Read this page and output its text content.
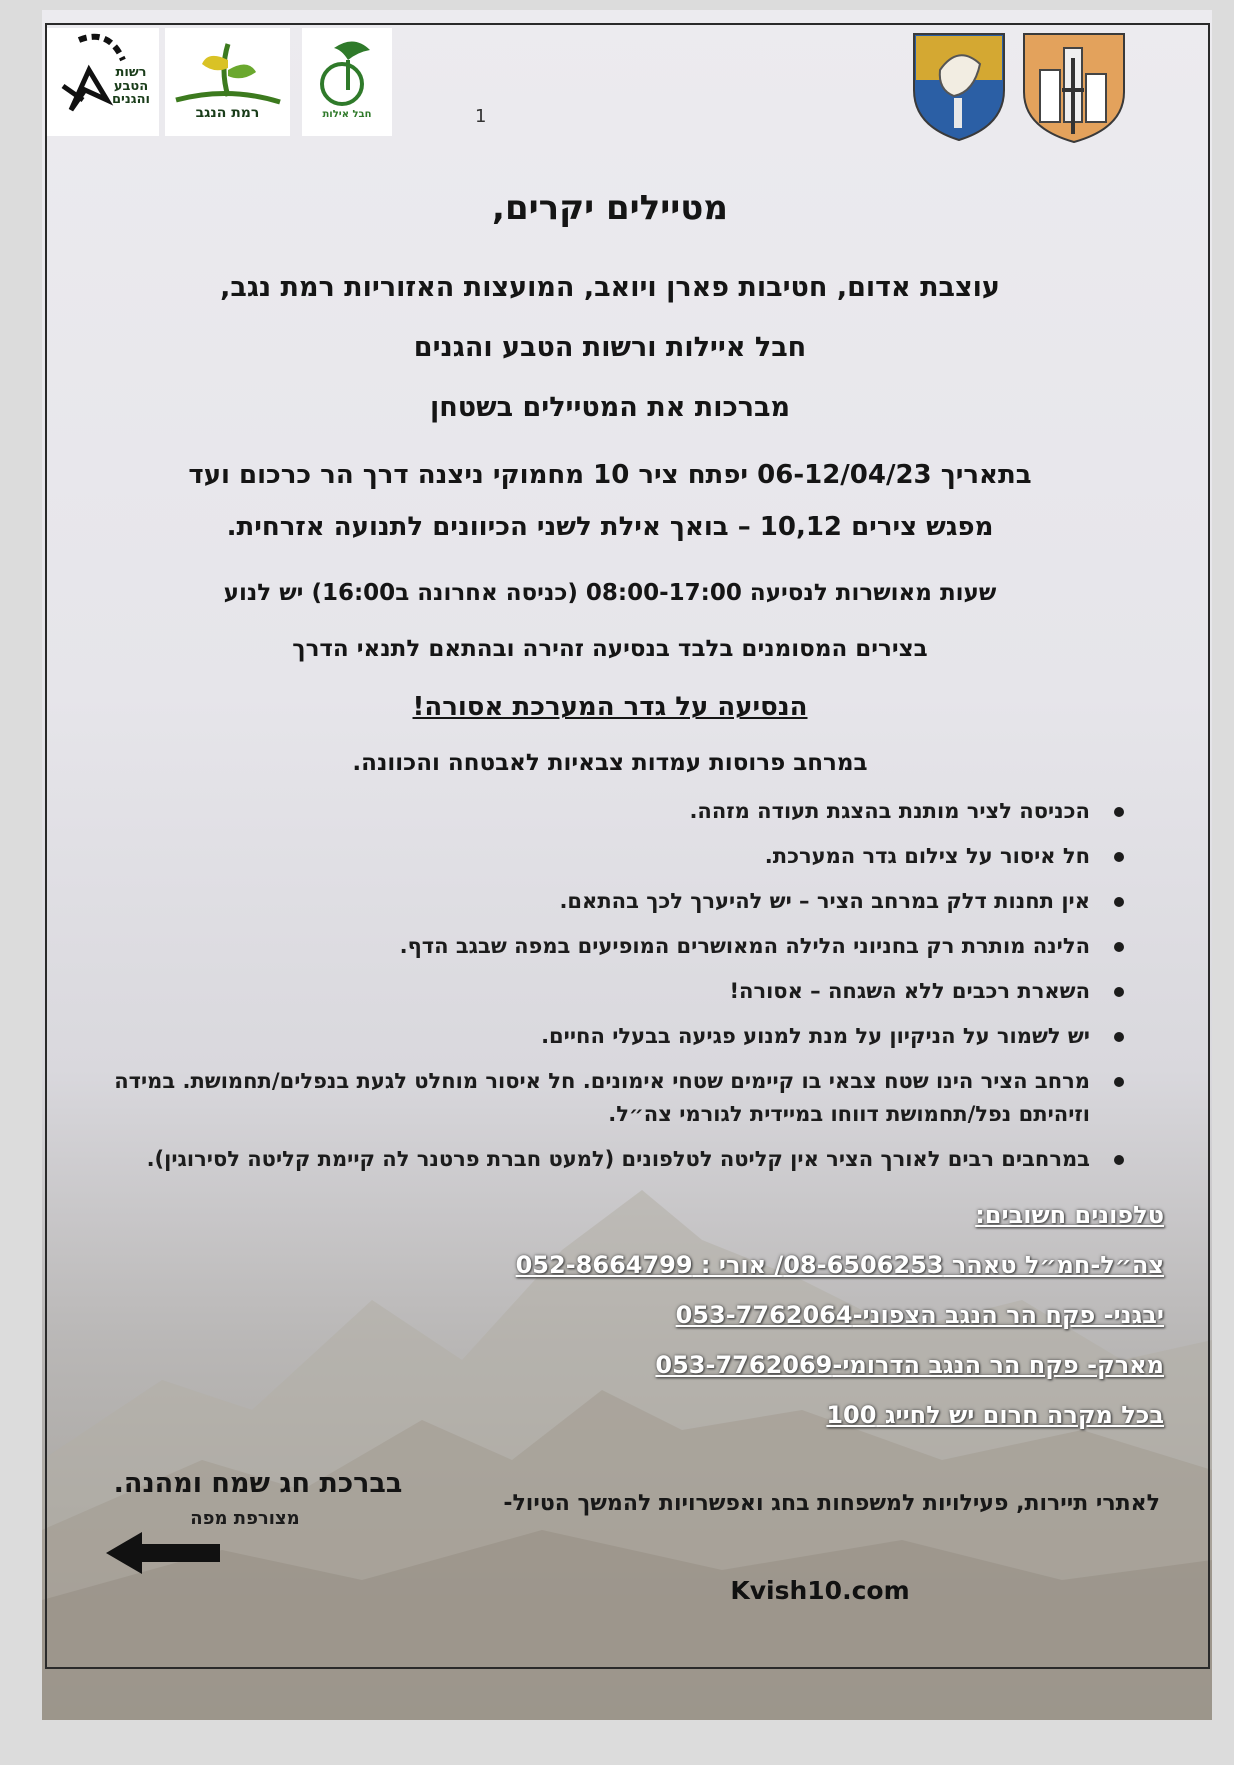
רשות הטבע והגנים
רמת הנגב	חבל אילות	1
מטיילים יקרים,
עוצבת אדום, חטיבות פארן ויואב, המועצות האזוריות רמת נגב,
חבל איילות ורשות הטבע והגנים
מברכות את המטיילים בשטחן
בתאריך 06-12/04/23 יפתח ציר 10 מחמוקי ניצנה דרך הר כרכום ועד
מפגש צירים 10,12 – בואך אילת לשני הכיוונים לתנועה אזרחית.
שעות מאושרות לנסיעה 08:00-17:00 (כניסה אחרונה ב16:00) יש לנוע
בצירים המסומנים בלבד בנסיעה זהירה ובהתאם לתנאי הדרך
הנסיעה על גדר המערכת אסורה!
במרחב פרוסות עמדות צבאיות לאבטחה והכוונה.
הכניסה לציר מותנת בהצגת תעודה מזהה.
חל איסור על צילום גדר המערכת.
אין תחנות דלק במרחב הציר – יש להיערך לכך בהתאם.
הלינה מותרת רק בחניוני הלילה המאושרים המופיעים במפה שבגב הדף.
השארת רכבים ללא השגחה – אסורה!
יש לשמור על הניקיון על מנת למנוע פגיעה בבעלי החיים.
מרחב הציר הינו שטח צבאי בו קיימים שטחי אימונים. חל איסור מוחלט לגעת בנפלים/תחמושת. במידה וזיהיתם נפל/תחמושת דווחו במיידית לגורמי צה״ל.
במרחבים רבים לאורך הציר אין קליטה לטלפונים (למעט חברת פרטנר לה קיימת קליטה לסירוגין).
טלפונים חשובים:
צה״ל-חמ״ל טאהר 08-6506253/ אורי : 052-8664799
יבגני- פקח הר הנגב הצפוני-053-7762064
מארק- פקח הר הנגב הדרומי-053-7762069
בכל מקרה חרום יש לחייג 100
בברכת חג שמח ומהנה.
מצורפת מפה
לאתרי תיירות, פעילויות למשפחות בחג ואפשרויות להמשך הטיול-
Kvish10.com
